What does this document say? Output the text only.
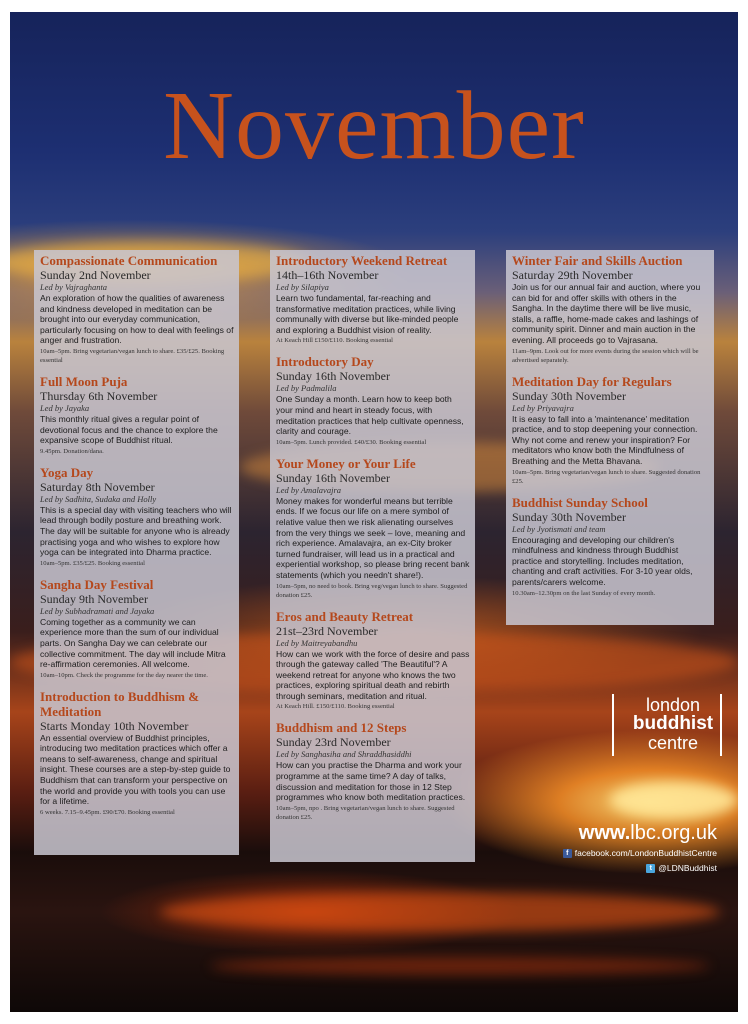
November
Compassionate Communication
Sunday 2nd November
Led by Vajraghanta
An exploration of how the qualities of awareness and kindness developed in meditation can be brought into our everyday communication, particularly focusing on how to deal with feelings of anger and frustration.
10am–5pm. Bring vegetarian/vegan lunch to share. £35/£25. Booking essential
Full Moon Puja
Thursday 6th November
Led by Jayaka
This monthly ritual gives a regular point of devotional focus and the chance to explore the expansive scope of Buddhist ritual.
9.45pm. Donation/dana.
Yoga Day
Saturday 8th November
Led by Sadhita, Sudaka and Holly
This is a special day with visiting teachers who will lead through bodily posture and breathing work. The day will be suitable for anyone who is already practising yoga and who wishes to explore how yoga can be integrated into Dharma practice.
10am–5pm. £35/£25. Booking essential
Sangha Day Festival
Sunday 9th November
Led by Subhadramati and Jayaka
Coming together as a community we can experience more than the sum of our individual parts. On Sangha Day we can celebrate our collective commitment. The day will include Mitra re-affirmation ceremonies. All welcome.
10am–10pm. Check the programme for the day nearer the time.
Introduction to Buddhism & Meditation
Starts Monday 10th November
An essential overview of Buddhist principles, introducing two meditation practices which offer a means to self-awareness, change and spiritual insight. These courses are a step-by-step guide to Buddhism that can transform your perspective on the world and provide you with tools you can use for a lifetime.
6 weeks. 7.15–9.45pm. £90/£70. Booking essential
Introductory Weekend Retreat
14th–16th November
Led by Silapiya
Learn two fundamental, far-reaching and transformative meditation practices, while living communally with diverse but like-minded people and exploring a Buddhist vision of reality.
At Keach Hill £150/£110. Booking essential
Introductory Day
Sunday 16th November
Led by Padmalila
One Sunday a month. Learn how to keep both your mind and heart in steady focus, with meditation practices that help cultivate openness, clarity and courage.
10am–5pm. Lunch provided. £40/£30. Booking essential
Your Money or Your Life
Sunday 16th November
Led by Amalavajra
Money makes for wonderful means but terrible ends. If we focus our life on a mere symbol of relative value then we risk alienating ourselves from the very things we seek – love, meaning and rich experience. Amalavajra, an ex-City broker turned fundraiser, will lead us in a practical and experiential workshop, so please bring recent bank statements (which you needn't share!).
10am–5pm, no need to book. Bring veg/vegan lunch to share. Suggested donation £25.
Eros and Beauty Retreat
21st–23rd November
Led by Maitreyabandhu
How can we work with the force of desire and pass through the gateway called 'The Beautiful'? A weekend retreat for anyone who knows the two practices, exploring spiritual death and rebirth through seminars, meditation and ritual.
At Keach Hill. £150/£110. Booking essential
Buddhism and 12 Steps
Sunday 23rd November
Led by Sanghasiha and Shraddhasiddhi
How can you practise the Dharma and work your programme at the same time? A day of talks, discussion and meditation for those in 12 Step programmes who know both meditation practices.
10am–5pm, npo . Bring vegetarian/vegan lunch to share. Suggested donation £25.
Winter Fair and Skills Auction
Saturday 29th November
Join us for our annual fair and auction, where you can bid for and offer skills with others in the Sangha. In the daytime there will be live music, stalls, a raffle, home-made cakes and lashings of community spirit. Dinner and main auction in the evening. All proceeds go to Vajrasana.
11am–9pm. Look out for more events during the session which will be advertised separately.
Meditation Day for Regulars
Sunday 30th November
Led by Priyavajra
It is easy to fall into a 'maintenance' meditation practice, and to stop deepening your connection. Why not come and renew your inspiration? For meditators who know both the Mindfulness of Breathing and the Metta Bhavana.
10am–5pm. Bring vegetarian/vegan lunch to share. Suggested donation £25.
Buddhist Sunday School
Sunday 30th November
Led by Jyotismati and team
Encouraging and developing our children's mindfulness and kindness through Buddhist practice and storytelling. Includes meditation, chanting and craft activities. For 3-10 year olds, parents/carers welcome.
10.30am–12.30pm on the last Sunday of every month.
london
buddhist
centre
www.lbc.org.uk
f facebook.com/LondonBuddhistCentre
t @LDNBuddhist
